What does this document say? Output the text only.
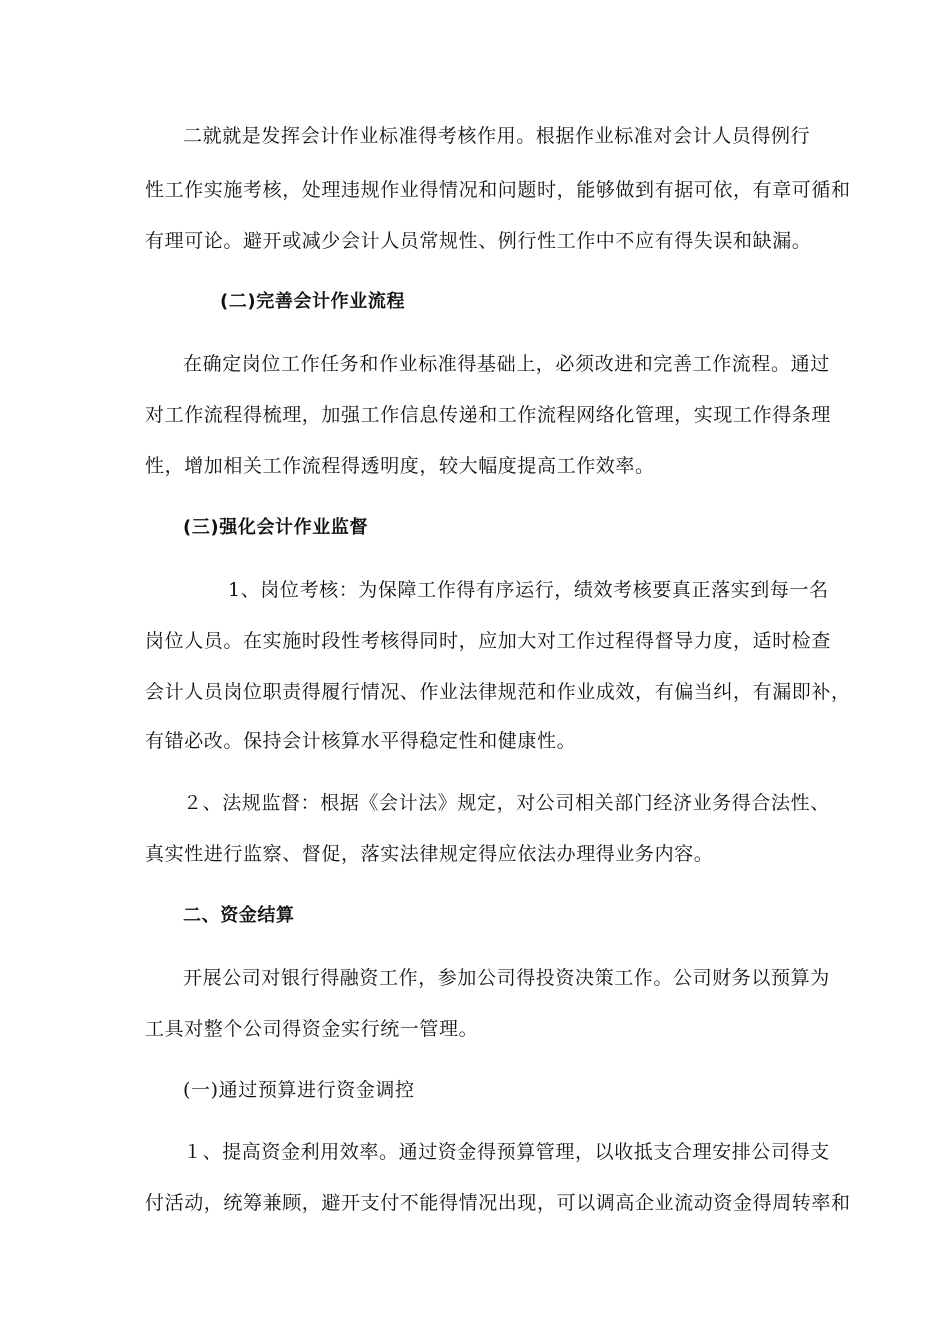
二就就是发挥会计作业标准得考核作用。根据作业标准对会计人员得例行
性工作实施考核，处理违规作业得情况和问题时，能够做到有据可依，有章可循和
有理可论。避开或减少会计人员常规性、例行性工作中不应有得失误和缺漏。
(二)完善会计作业流程
在确定岗位工作任务和作业标准得基础上，必须改进和完善工作流程。通过
对工作流程得梳理，加强工作信息传递和工作流程网络化管理，实现工作得条理
性，增加相关工作流程得透明度，较大幅度提高工作效率。
(三)强化会计作业监督
1、岗位考核：为保障工作得有序运行，绩效考核要真正落实到每一名
岗位人员。在实施时段性考核得同时，应加大对工作过程得督导力度，适时检查
会计人员岗位职责得履行情况、作业法律规范和作业成效，有偏当纠，有漏即补，
有错必改。保持会计核算水平得稳定性和健康性。
２、法规监督：根据《会计法》规定，对公司相关部门经济业务得合法性、
真实性进行监察、督促，落实法律规定得应依法办理得业务内容。
二、资金结算
开展公司对银行得融资工作，参加公司得投资决策工作。公司财务以预算为
工具对整个公司得资金实行统一管理。
(一)通过预算进行资金调控
１、提高资金利用效率。通过资金得预算管理，以收抵支合理安排公司得支
付活动，统筹兼顾，避开支付不能得情况出现，可以调高企业流动资金得周转率和
